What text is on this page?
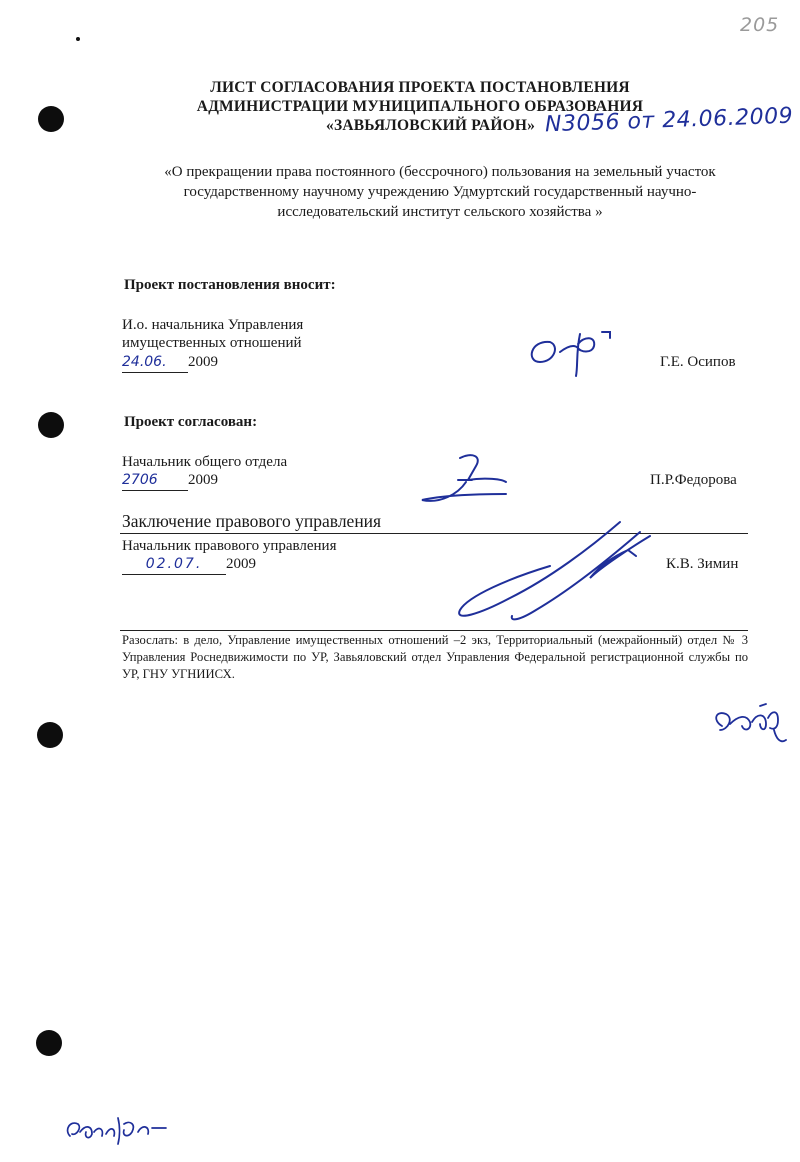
205
ЛИСТ СОГЛАСОВАНИЯ ПРОЕКТА ПОСТАНОВЛЕНИЯ
АДМИНИСТРАЦИИ МУНИЦИПАЛЬНОГО ОБРАЗОВАНИЯ
«ЗАВЬЯЛОВСКИЙ РАЙОН» N3056 от 24.06.2009
«О прекращении права постоянного (бессрочного) пользования на земельный участок
государственному научному учреждению Удмуртский государственный научно-
исследовательский институт сельского хозяйства »
Проект постановления вносит:
И.о. начальника Управления
имущественных отношений
24.06. 2009	Г.Е. Осипов
Проект согласован:
Начальник общего отдела
2706 2009	П.Р.Федорова
Заключение правового управления
Начальник правового управления
02.07. 2009	К.В. Зимин
Разослать: в дело, Управление имущественных отношений –2 экз, Территориальный (межрайонный) отдел № 3 Управления Роснедвижимости по УР, Завьяловский отдел Управления Федеральной регистрационной службы по УР, ГНУ УГНИИСХ.
